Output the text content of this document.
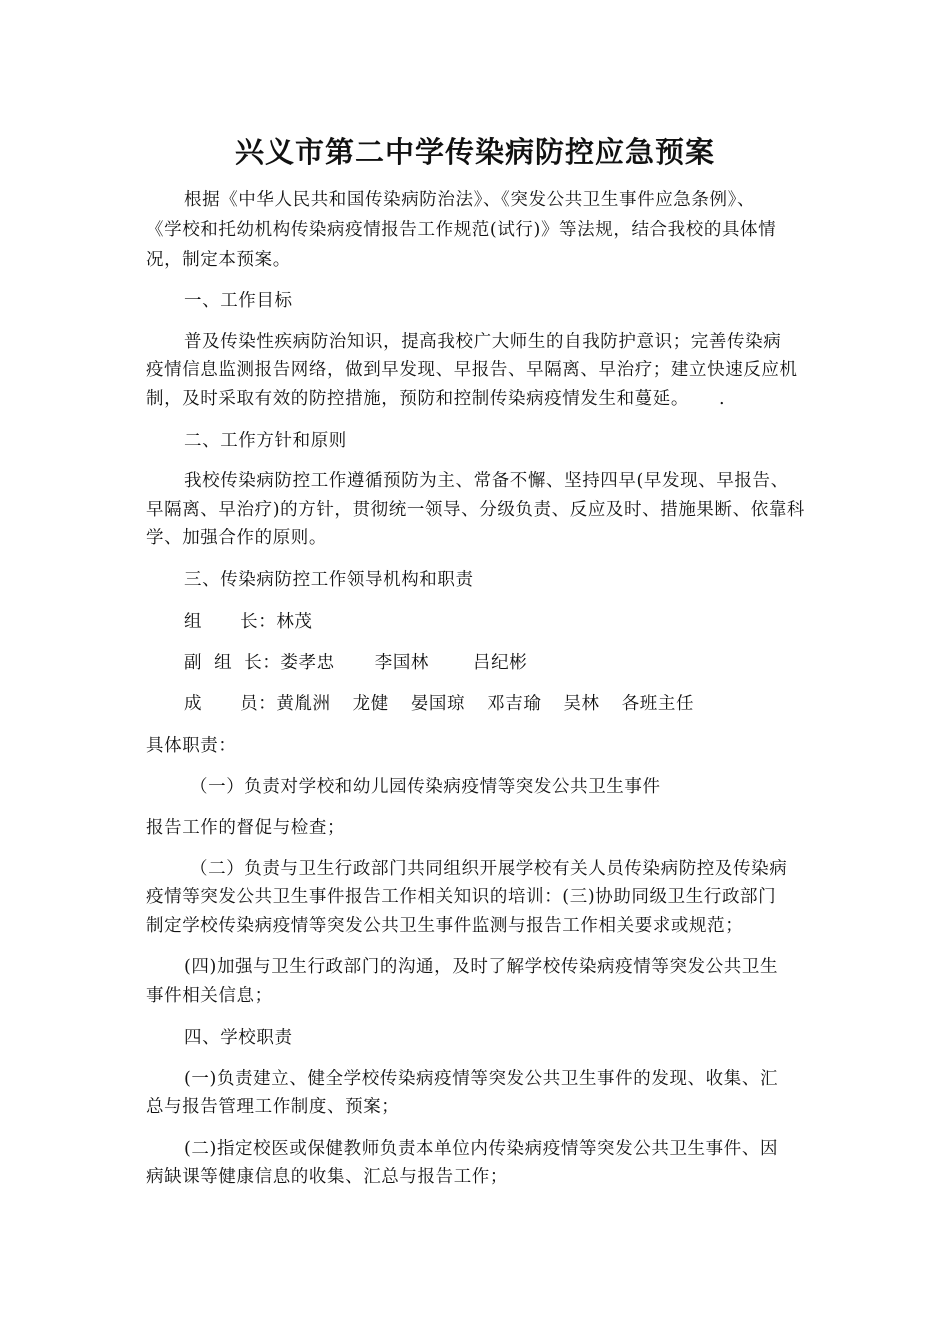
兴义市第二中学传染病防控应急预案
根据《中华人民共和国传染病防治法》、《突发公共卫生事件应急条例》、
《学校和托幼机构传染病疫情报告工作规范(试行)》等法规，结合我校的具体情
况，制定本预案。
一、工作目标
普及传染性疾病防治知识，提高我校广大师生的自我防护意识；完善传染病
疫情信息监测报告网络，做到早发现、早报告、早隔离、早治疗；建立快速反应机
制，及时采取有效的防控措施，预防和控制传染病疫情发生和蔓延。 .
二、工作方针和原则
我校传染病防控工作遵循预防为主、常备不懈、坚持四早(早发现、早报告、
早隔离、早治疗)的方针，贯彻统一领导、分级负责、反应及时、措施果断、依靠科
学、加强合作的原则。
三、传染病防控工作领导机构和职责
组 长：林茂
副 组 长：娄孝忠 李国林	吕纪彬
成 员：黄胤洲 龙健 晏国琼 邓吉瑜 吴林 各班主任
具体职责：
（一）负责对学校和幼儿园传染病疫情等突发公共卫生事件
报告工作的督促与检查；
（二）负责与卫生行政部门共同组织开展学校有关人员传染病防控及传染病
疫情等突发公共卫生事件报告工作相关知识的培训：(三)协助同级卫生行政部门
制定学校传染病疫情等突发公共卫生事件监测与报告工作相关要求或规范；
(四)加强与卫生行政部门的沟通，及时了解学校传染病疫情等突发公共卫生
事件相关信息；
四、学校职责
(一)负责建立、健全学校传染病疫情等突发公共卫生事件的发现、收集、汇
总与报告管理工作制度、预案；
(二)指定校医或保健教师负责本单位内传染病疫情等突发公共卫生事件、因
病缺课等健康信息的收集、汇总与报告工作；
